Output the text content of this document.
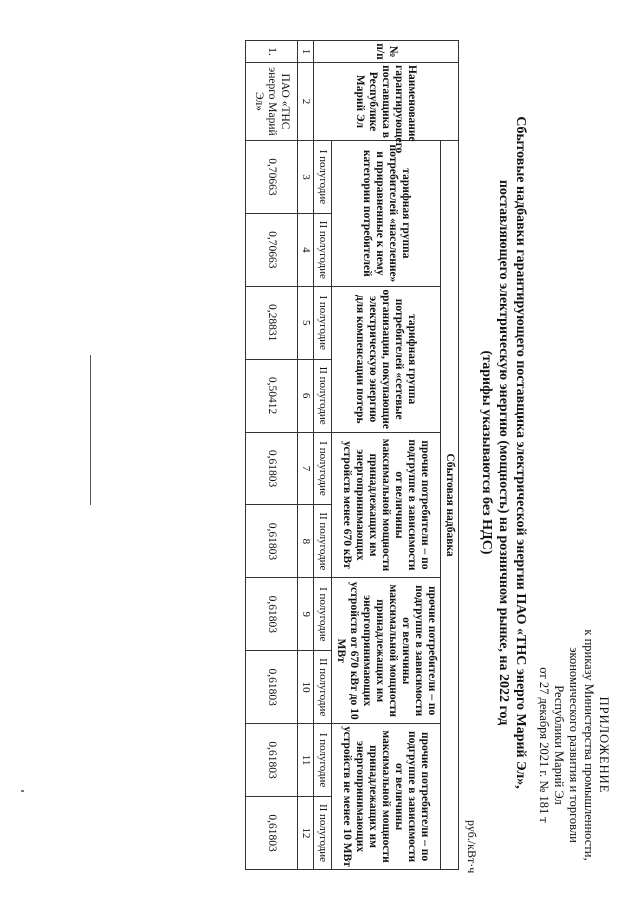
ПРИЛОЖЕНИЕ
к приказу Министерства промышленности,
экономического развития и торговли
Республики Марий Эл
от 27 декабря 2021 г. № 181 т
Сбытовые надбавки гарантирующего поставщика электрической энергии ПАО «ТНС энерго Марий Эл»,
поставляющего электрическую энергию (мощность) на розничном рынке, на 2022 год
(тарифы указываются без НДС)
руб./кВт·ч
№ п/п	Наименование гарантирующего поставщика в Республике Марий Эл	Сбытовая надбавка									
		тарифная группа потребителей «население» и приравненные к нему категории потребителей		тарифная группа потребителей «сетевые организации, покупающие электрическую энергию для компенсации потерь		прочие потребители – по подгруппе в зависимости от величины максимальной мощности принадлежащих им энергопринимающих устройств менее 670 кВт		прочие потребители – по подгруппе в зависимости от величины максимальной мощности принадлежащих им энергопринимающих устройств от 670 кВт до 10 МВт		прочие потребители – по подгруппе в зависимости от величины максимальной мощности принадлежащих им энергопринимающих устройств не менее 10 МВт	
		I полугодие	II полугодие	I полугодие	II полугодие	I полугодие	II полугодие	I полугодие	II полугодие	I полугодие	II полугодие
1	2	3	4	5	6	7	8	9	10	11	12
1.	ПАО «ТНС энерго Марий Эл»	0,70663	0,70663	0,28831	0,50412	0,61803	0,61803	0,61803	0,61803	0,61803	0,61803
